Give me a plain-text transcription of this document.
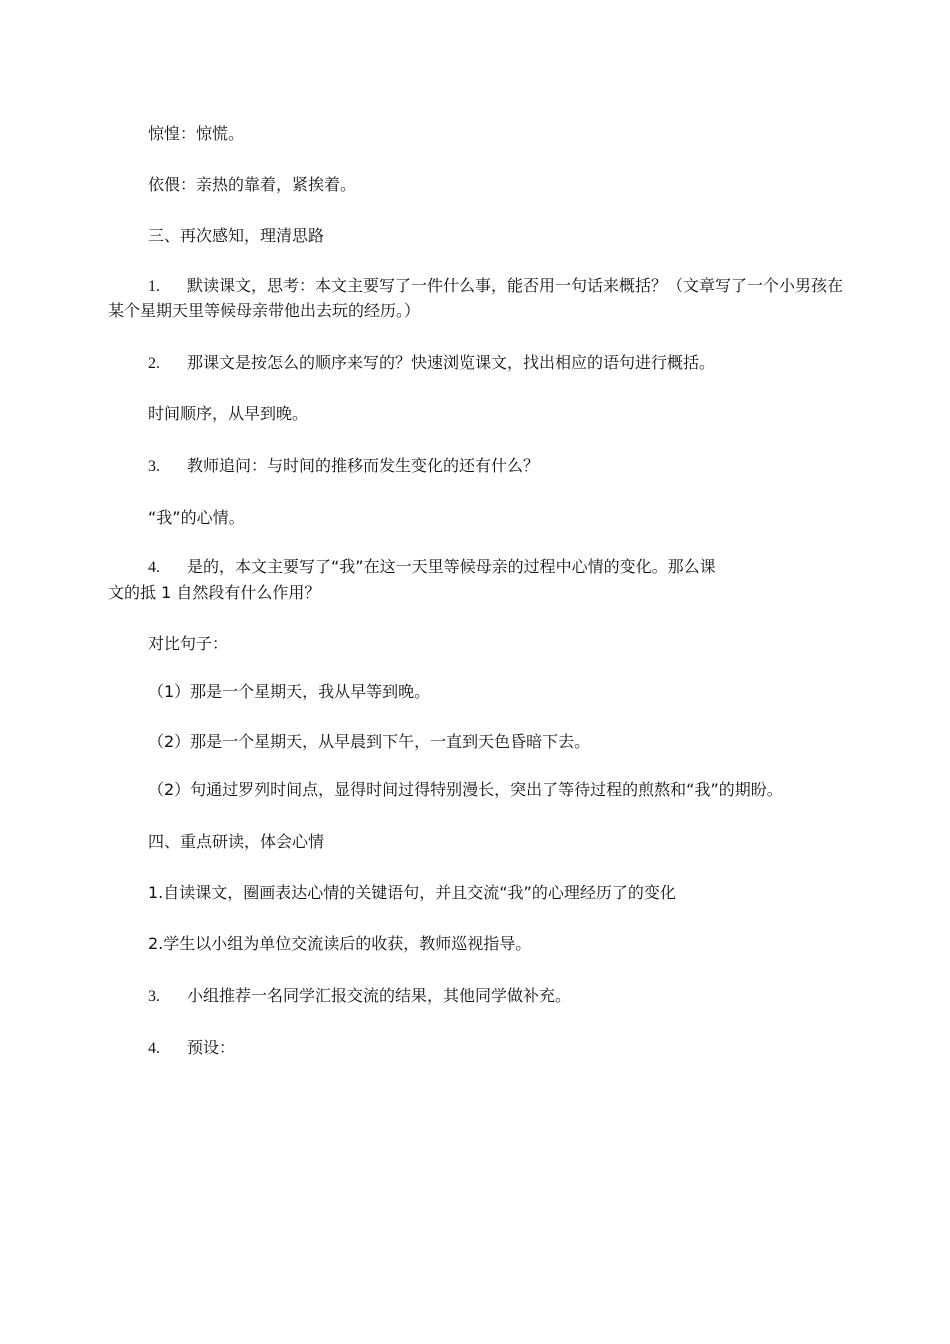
惊惶：惊慌。
依偎：亲热的靠着，紧挨着。
三、再次感知，理清思路
1. 默读课文，思考：本文主要写了一件什么事，能否用一句话来概括？（文章写了一个小男孩在某个星期天里等候母亲带他出去玩的经历。）
2. 那课文是按怎么的顺序来写的？快速浏览课文，找出相应的语句进行概括。
时间顺序，从早到晚。
3. 教师追问：与时间的推移而发生变化的还有什么？
“我”的心情。
4. 是的，本文主要写了“我”在这一天里等候母亲的过程中心情的变化。那么课
文的抵 1 自然段有什么作用？
对比句子：
（1）那是一个星期天，我从早等到晚。
（2）那是一个星期天，从早晨到下午，一直到天色昏暗下去。
（2）句通过罗列时间点，显得时间过得特别漫长，突出了等待过程的煎熬和“我”的期盼。
四、重点研读，体会心情
1.自读课文，圈画表达心情的关键语句，并且交流“我”的心理经历了的变化
2.学生以小组为单位交流读后的收获，教师巡视指导。
3. 小组推荐一名同学汇报交流的结果，其他同学做补充。
4. 预设：
